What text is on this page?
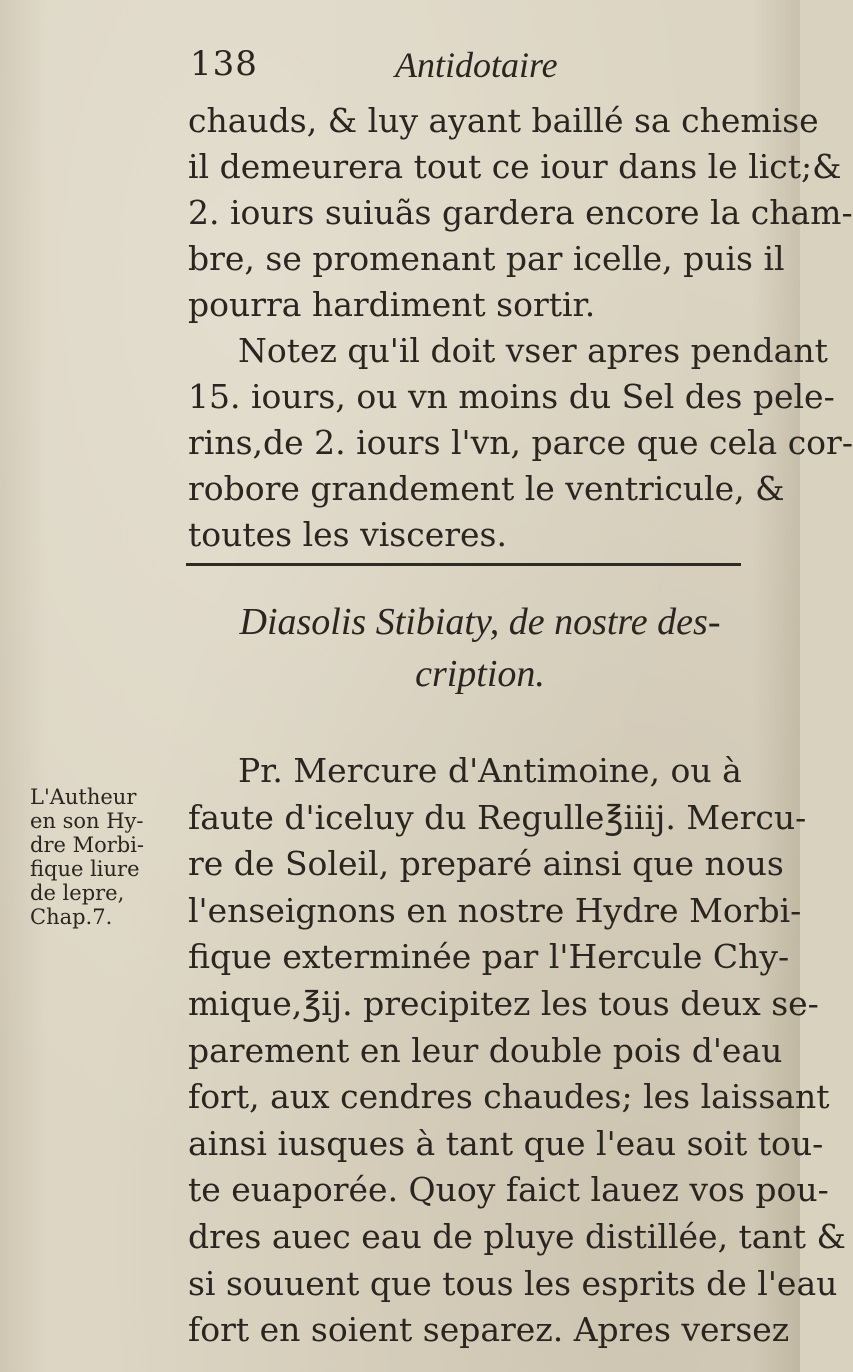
138	Antidotaire
chauds, & luy ayant baillé sa chemise
il demeurera tout ce iour dans le lict;&
2. iours suiuãs gardera encore la cham-
bre, se promenant par icelle, puis il
pourra hardiment sortir.
Notez qu'il doit vser apres pendant
15. iours, ou vn moins du Sel des pele-
rins,de 2. iours l'vn, parce que cela cor-
robore grandement le ventricule, &
toutes les visceres.
Diasolis Stibiaty, de nostre des-
cription.
Pr. Mercure d'Antimoine, ou à
faute d'iceluy du Regulle℥iiij. Mercu-
re de Soleil, preparé ainsi que nous
l'enseignons en nostre Hydre Morbi-
fique exterminée par l'Hercule Chy-
mique,℥ij. precipitez les tous deux se-
parement en leur double pois d'eau
fort, aux cendres chaudes; les laissant
ainsi iusques à tant que l'eau soit tou-
te euaporée. Quoy faict lauez vos pou-
dres auec eau de pluye distillée, tant &
si souuent que tous les esprits de l'eau
fort en soient separez. Apres versez
L'Autheur
en son Hy-
dre Morbi-
fique liure
de lepre,
Chap.7.
